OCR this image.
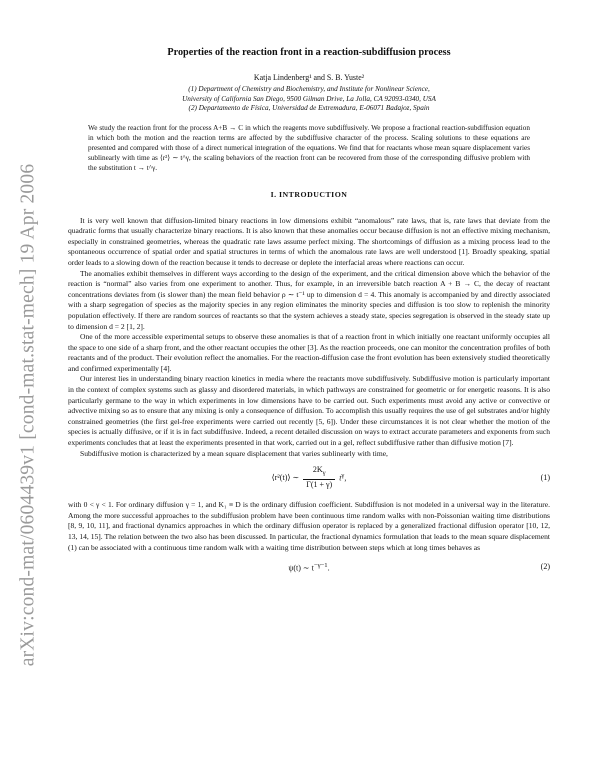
arXiv:cond-mat/0604439v1 [cond-mat.stat-mech] 19 Apr 2006
Properties of the reaction front in a reaction-subdiffusion process
Katja Lindenberg¹ and S. B. Yuste²
(1) Department of Chemistry and Biochemistry, and Institute for Nonlinear Science,
University of California San Diego, 9500 Gilman Drive, La Jolla, CA 92093-0340, USA
(2) Departamento de Física, Universidad de Extremadura, E-06071 Badajoz, Spain
We study the reaction front for the process A+B → C in which the reagents move subdiffusively. We propose a fractional reaction-subdiffusion equation in which both the motion and the reaction terms are affected by the subdiffusive character of the process. Scaling solutions to these equations are presented and compared with those of a direct numerical integration of the equations. We find that for reactants whose mean square displacement varies sublinearly with time as ⟨r²⟩ ∼ t^γ, the scaling behaviors of the reaction front can be recovered from those of the corresponding diffusive problem with the substitution t → t^γ.
I. INTRODUCTION

It is very well known that diffusion-limited binary reactions in low dimensions exhibit “anomalous” rate laws, that is, rate laws that deviate from the quadratic forms that usually characterize binary reactions. It is also known that these anomalies occur because diffusion is not an effective mixing mechanism, especially in constrained geometries, whereas the quadratic rate laws assume perfect mixing. The shortcomings of diffusion as a mixing process lead to the spontaneous occurrence of spatial order and spatial structures in terms of which the anomalous rate laws are well understood [1]. Broadly speaking, spatial order leads to a slowing down of the reaction because it tends to decrease or deplete the interfacial areas where reactions can occur.

The anomalies exhibit themselves in different ways according to the design of the experiment, and the critical dimension above which the behavior of the reaction is “normal” also varies from one experiment to another. Thus, for example, in an irreversible batch reaction A + B → C, the decay of reactant concentrations deviates from (is slower than) the mean field behavior ρ ∼ t⁻¹ up to dimension d = 4. This anomaly is accompanied by and directly associated with a sharp segregation of species as the majority species in any region eliminates the minority species and diffusion is too slow to replenish the minority population effectively. If there are random sources of reactants so that the system achieves a steady state, species segregation is observed in the steady state up to dimension d = 2 [1, 2].

One of the more accessible experimental setups to observe these anomalies is that of a reaction front in which initially one reactant uniformly occupies all the space to one side of a sharp front, and the other reactant occupies the other [3]. As the reaction proceeds, one can monitor the concentration profiles of both reactants and of the product. Their evolution reflect the anomalies. For the reaction-diffusion case the front evolution has been extensively studied theoretically and confirmed experimentally [4].

Our interest lies in understanding binary reaction kinetics in media where the reactants move subdiffusively. Subdiffusive motion is particularly important in the context of complex systems such as glassy and disordered materials, in which pathways are constrained for geometric or for energetic reasons. It is also particularly germane to the way in which experiments in low dimensions have to be carried out. Such experiments must avoid any active or convective or advective mixing so as to ensure that any mixing is only a consequence of diffusion. To accomplish this usually requires the use of gel substrates and/or highly constrained geometries (the first gel-free experiments were carried out recently [5, 6]). Under these circumstances it is not clear whether the motion of the species is actually diffusive, or if it is in fact subdiffusive. Indeed, a recent detailed discussion on ways to extract accurate parameters and exponents from such experiments concludes that at least the experiments presented in that work, carried out in a gel, reflect subdiffusive rather than diffusive motion [7].

Subdiffusive motion is characterized by a mean square displacement that varies sublinearly with time,

⟨r²(t)⟩ ∼ $\frac{2K_\gamma}{\Gamma(1 + \gamma)} t^\gamma$,	(1)

with 0 < γ < 1. For ordinary diffusion γ = 1, and K₁ ≡ D is the ordinary diffusion coefficient. Subdiffusion is not modeled in a universal way in the literature. Among the more successful approaches to the subdiffusion problem have been continuous time random walks with non-Poissonian waiting time distributions [8, 9, 10, 11], and fractional dynamics approaches in which the ordinary diffusion operator is replaced by a generalized fractional diffusion operator [10, 12, 13, 14, 15]. The relation between the two also has been discussed. In particular, the fractional dynamics formulation that leads to the mean square displacement (1) can be associated with a continuous time random walk with a waiting time distribution between steps which at long times behaves as

ψ(t) ∼ $t^{-\gamma-1}$.	(2)
